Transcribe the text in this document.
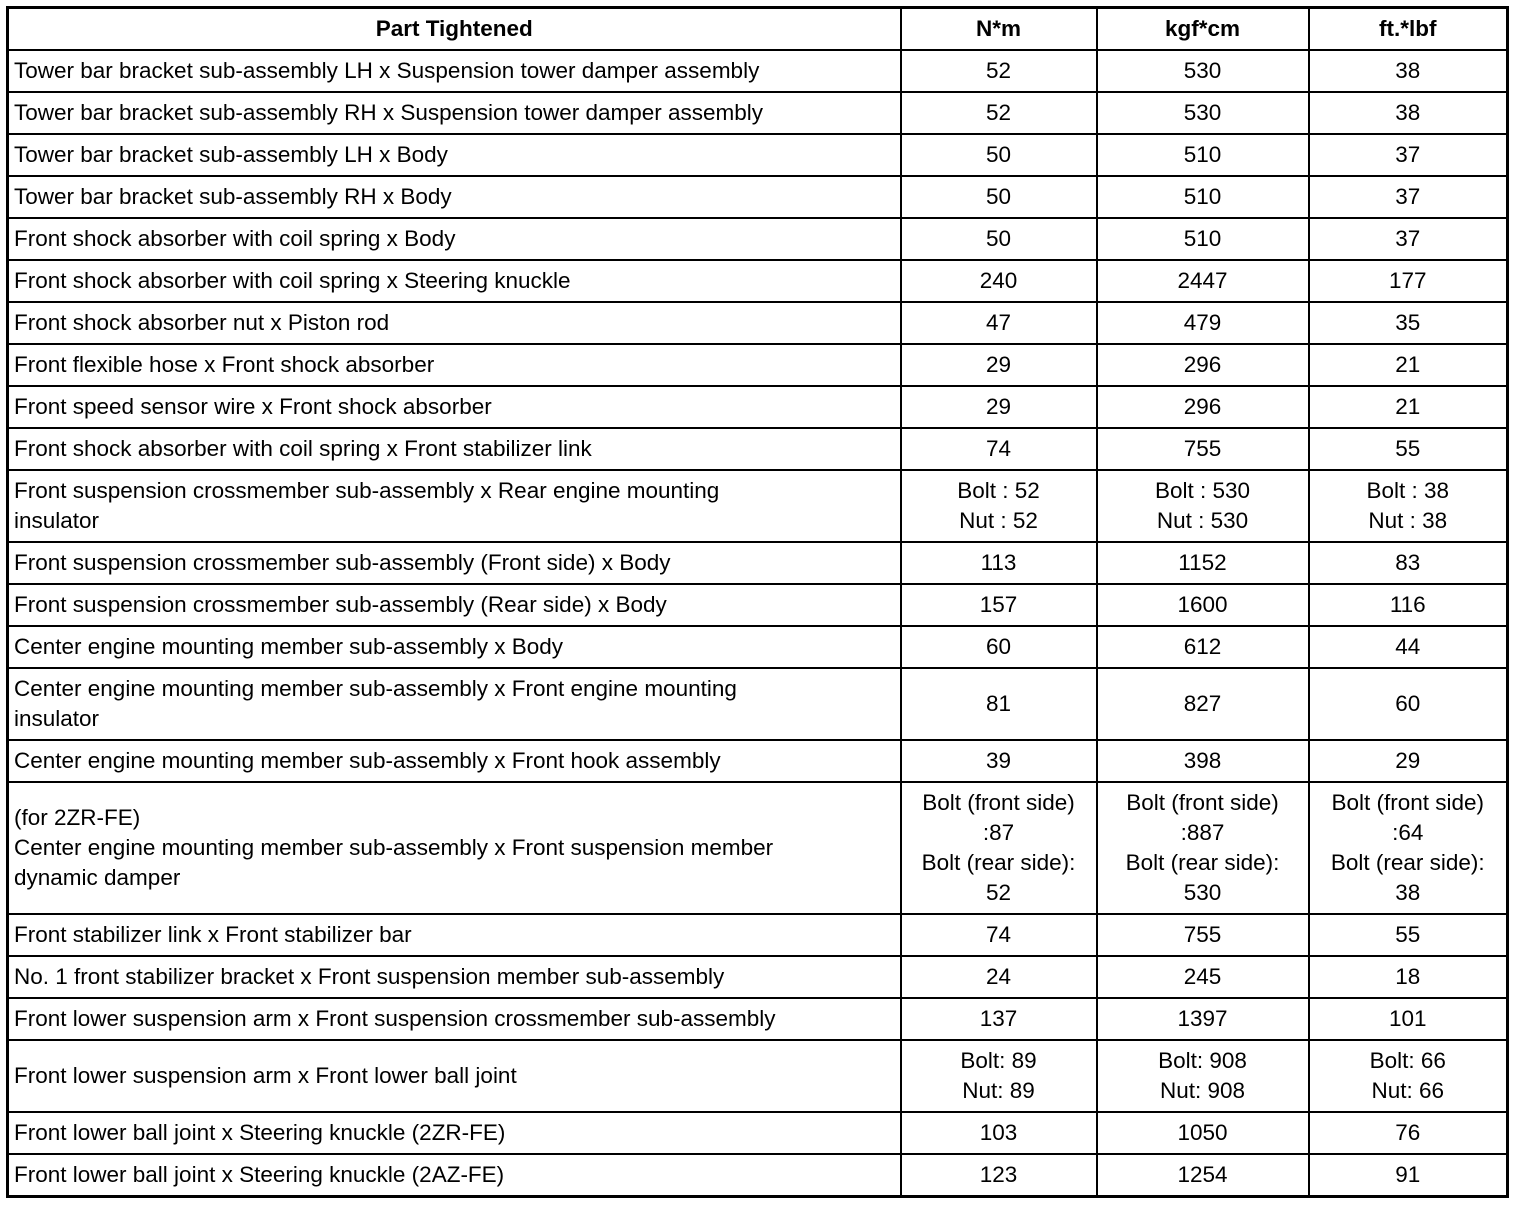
Part Tightened	N*m	kgf*cm	ft.*lbf

Tower bar bracket sub-assembly LH x Suspension tower damper assembly	52	530	38

Tower bar bracket sub-assembly RH x Suspension tower damper assembly	52	530	38

Tower bar bracket sub-assembly LH x Body	50	510	37

Tower bar bracket sub-assembly RH x Body	50	510	37

Front shock absorber with coil spring x Body	50	510	37

Front shock absorber with coil spring x Steering knuckle	240	2447	177

Front shock absorber nut x Piston rod	47	479	35

Front flexible hose x Front shock absorber	29	296	21

Front speed sensor wire x Front shock absorber	29	296	21

Front shock absorber with coil spring x Front stabilizer link	74	755	55

Front suspension crossmember sub-assembly x Rear engine mounting
insulator	Bolt : 52
Nut : 52	Bolt : 530
Nut : 530	Bolt : 38
Nut : 38

Front suspension crossmember sub-assembly (Front side) x Body	113	1152	83

Front suspension crossmember sub-assembly (Rear side) x Body	157	1600	116

Center engine mounting member sub-assembly x Body	60	612	44

Center engine mounting member sub-assembly x Front engine mounting
insulator	81	827	60

Center engine mounting member sub-assembly x Front hook assembly	39	398	29

(for 2ZR-FE)
Center engine mounting member sub-assembly x Front suspension member
dynamic damper	Bolt (front side)
:87
Bolt (rear side):
52	Bolt (front side)
:887
Bolt (rear side):
530	Bolt (front side)
:64
Bolt (rear side):
38

Front stabilizer link x Front stabilizer bar	74	755	55

No. 1 front stabilizer bracket x Front suspension member sub-assembly	24	245	18

Front lower suspension arm x Front suspension crossmember sub-assembly	137	1397	101

Front lower suspension arm x Front lower ball joint	Bolt: 89
Nut: 89	Bolt: 908
Nut: 908	Bolt: 66
Nut: 66

Front lower ball joint x Steering knuckle (2ZR-FE)	103	1050	76

Front lower ball joint x Steering knuckle (2AZ-FE)	123	1254	91
